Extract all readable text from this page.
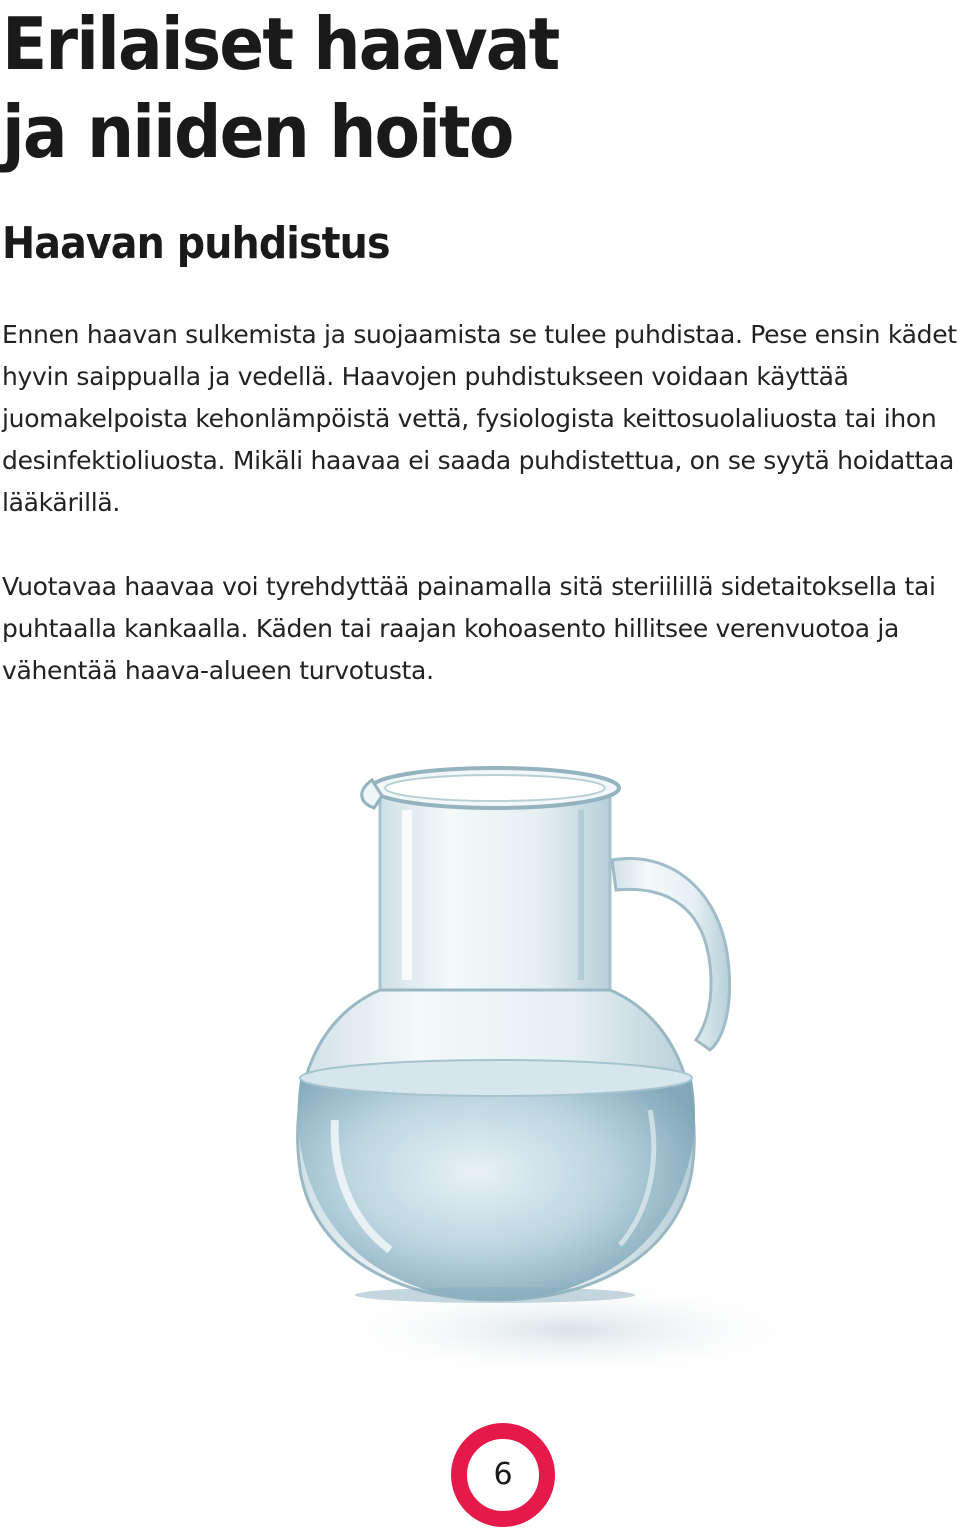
Erilaiset haavat
ja niiden hoito
Haavan puhdistus

Ennen haavan sulkemista ja suojaamista se tulee puhdistaa. Pese ensin kädet hyvin saippualla ja vedellä. Haavojen puhdistukseen voidaan käyttää juomakelpoista kehonlämpöistä vettä, fysiologista keittosuolaliuosta tai ihon desinfektioliuosta. Mikäli haavaa ei saada puhdistettua, on se syytä hoidattaa lääkärillä.

Vuotavaa haavaa voi tyrehdyttää painamalla sitä steriilillä sidetaitoksella tai puhtaalla kankaalla. Käden tai raajan kohoasento hillitsee verenvuotoa ja vähentää haava-alueen turvotusta.

6
